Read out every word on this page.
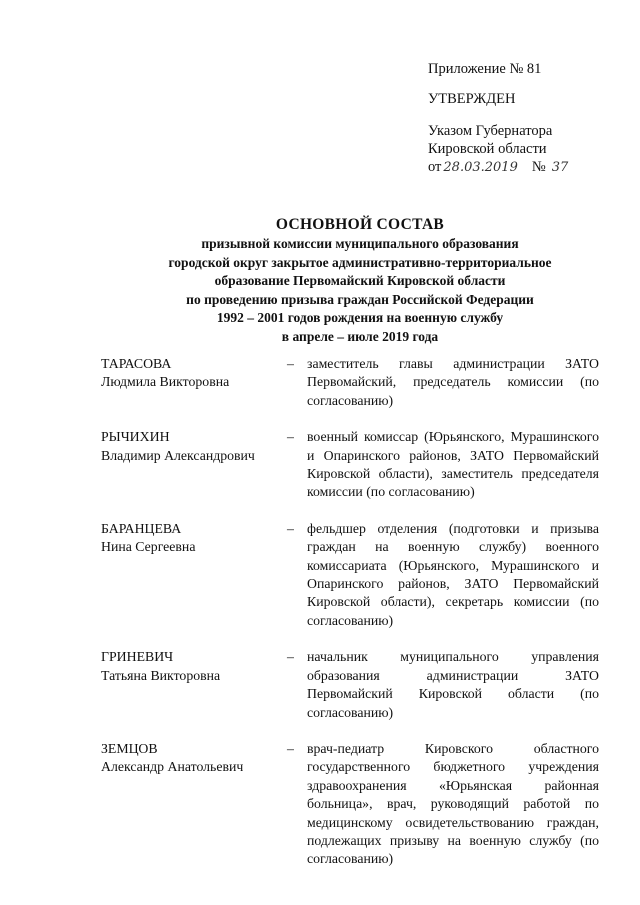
Приложение № 81
УТВЕРЖДЕН
Указом Губернатора
Кировской области
от 28.03.2019 № 37
ОСНОВНОЙ СОСТАВ
призывной комиссии муниципального образования
городской округ закрытое административно-территориальное
образование Первомайский Кировской области
по проведению призыва граждан Российской Федерации
1992 – 2001 годов рождения на военную службу
в апреле – июле 2019 года
ТАРАСОВА
Людмила Викторовна
– заместитель главы администрации ЗАТО Первомайский, председатель комиссии (по согласованию)
РЫЧИХИН
Владимир Александрович
– военный комиссар (Юрьянского, Мурашинского и Опаринского районов, ЗАТО Первомайский Кировской области), заместитель председателя комиссии (по согласованию)
БАРАНЦЕВА
Нина Сергеевна
– фельдшер отделения (подготовки и призыва граждан на военную службу) военного комиссариата (Юрьянского, Мурашинского и Опаринского районов, ЗАТО Первомайский Кировской области), секретарь комиссии (по согласованию)
ГРИНЕВИЧ
Татьяна Викторовна
– начальник муниципального управления образования администрации ЗАТО Первомайский Кировской области (по согласованию)
ЗЕМЦОВ
Александр Анатольевич
– врач-педиатр Кировского областного государственного бюджетного учреждения здравоохранения «Юрьянская районная больница», врач, руководящий работой по медицинскому освидетельствованию граждан, подлежащих призыву на военную службу (по согласованию)
